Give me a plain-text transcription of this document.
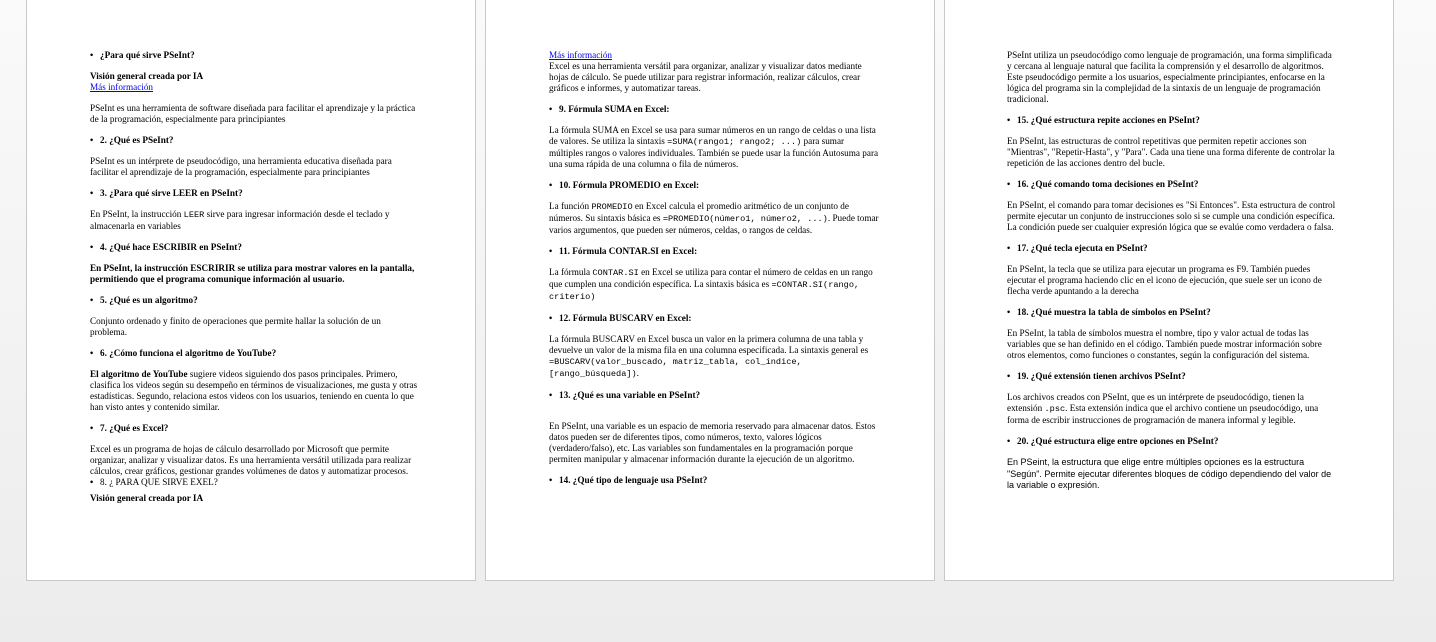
• ¿Para qué sirve PSeInt?

Visión general creada por IA

Más información

PSeInt es una herramienta de software diseñada para facilitar el aprendizaje y la práctica de la programación, especialmente para principiantes

• 2. ¿Qué es PSeInt?

PSeInt es un intérprete de pseudocódigo, una herramienta educativa diseñada para facilitar el aprendizaje de la programación, especialmente para principiantes

• 3. ¿Para qué sirve LEER en PSeInt?

En PSeInt, la instrucción LEER sirve para ingresar información desde el teclado y almacenarla en variables

• 4. ¿Qué hace ESCRIBIR en PSeInt?

En PSeInt, la instrucción ESCRIRIR se utiliza para mostrar valores en la pantalla, permitiendo que el programa comunique información al usuario.

• 5. ¿Qué es un algoritmo?

Conjunto ordenado y finito de operaciones que permite hallar la solución de un problema.

• 6. ¿Cómo funciona el algoritmo de YouTube?

El algoritmo de YouTube sugiere videos siguiendo dos pasos principales. Primero, clasifica los videos según su desempeño en términos de visualizaciones, me gusta y otras estadísticas. Segundo, relaciona estos videos con los usuarios, teniendo en cuenta lo que han visto antes y contenido similar.

• 7. ¿Qué es Excel?

Excel es un programa de hojas de cálculo desarrollado por Microsoft que permite organizar, analizar y visualizar datos. Es una herramienta versátil utilizada para realizar cálculos, crear gráficos, gestionar grandes volúmenes de datos y automatizar procesos.

• 8. ¿ PARA QUE SIRVE EXEL?

Visión general creada por IA

Más información

Excel es una herramienta versátil para organizar, analizar y visualizar datos mediante hojas de cálculo. Se puede utilizar para registrar información, realizar cálculos, crear gráficos e informes, y automatizar tareas.

• 9. Fórmula SUMA en Excel:

La fórmula SUMA en Excel se usa para sumar números en un rango de celdas o una lista de valores. Se utiliza la sintaxis =SUMA(rango1; rango2; ...) para sumar múltiples rangos o valores individuales. También se puede usar la función Autosuma para una suma rápida de una columna o fila de números.

• 10. Fórmula PROMEDIO en Excel:

La función PROMEDIO en Excel calcula el promedio aritmético de un conjunto de números. Su sintaxis básica es =PROMEDIO(número1, número2, ...). Puede tomar varios argumentos, que pueden ser números, celdas, o rangos de celdas.

• 11. Fórmula CONTAR.SI en Excel:

La fórmula CONTAR.SI en Excel se utiliza para contar el número de celdas en un rango que cumplen una condición específica. La sintaxis básica es =CONTAR.SI(rango, criterio)

• 12. Fórmula BUSCARV en Excel:

La fórmula BUSCARV en Excel busca un valor en la primera columna de una tabla y devuelve un valor de la misma fila en una columna especificada. La sintaxis general es =BUSCARV(valor_buscado, matriz_tabla, col_índice, [rango_búsqueda]).

• 13. ¿Qué es una variable en PSeInt?

En PSeInt, una variable es un espacio de memoria reservado para almacenar datos. Estos datos pueden ser de diferentes tipos, como números, texto, valores lógicos (verdadero/falso), etc. Las variables son fundamentales en la programación porque permiten manipular y almacenar información durante la ejecución de un algoritmo.

• 14. ¿Qué tipo de lenguaje usa PSeInt?

PSeInt utiliza un pseudocódigo como lenguaje de programación, una forma simplificada y cercana al lenguaje natural que facilita la comprensión y el desarrollo de algoritmos. Este pseudocódigo permite a los usuarios, especialmente principiantes, enfocarse en la lógica del programa sin la complejidad de la sintaxis de un lenguaje de programación tradicional.

• 15. ¿Qué estructura repite acciones en PSeInt?

En PSeInt, las estructuras de control repetitivas que permiten repetir acciones son "Mientras", "Repetir-Hasta", y "Para". Cada una tiene una forma diferente de controlar la repetición de las acciones dentro del bucle.

• 16. ¿Qué comando toma decisiones en PSeInt?

En PSeInt, el comando para tomar decisiones es "Si Entonces". Esta estructura de control permite ejecutar un conjunto de instrucciones solo si se cumple una condición específica. La condición puede ser cualquier expresión lógica que se evalúe como verdadera o falsa.

• 17. ¿Qué tecla ejecuta en PSeInt?

En PSeInt, la tecla que se utiliza para ejecutar un programa es F9. También puedes ejecutar el programa haciendo clic en el icono de ejecución, que suele ser un icono de flecha verde apuntando a la derecha

• 18. ¿Qué muestra la tabla de símbolos en PSeInt?

En PSeInt, la tabla de símbolos muestra el nombre, tipo y valor actual de todas las variables que se han definido en el código. También puede mostrar información sobre otros elementos, como funciones o constantes, según la configuración del sistema.

• 19. ¿Qué extensión tienen archivos PSeInt?

Los archivos creados con PSeInt, que es un intérprete de pseudocódigo, tienen la extensión .psc. Esta extensión indica que el archivo contiene un pseudocódigo, una forma de escribir instrucciones de programación de manera informal y legible.

• 20. ¿Qué estructura elige entre opciones en PSeInt?

En PSeint, la estructura que elige entre múltiples opciones es la estructura "Según". Permite ejecutar diferentes bloques de código dependiendo del valor de la variable o expresión.
